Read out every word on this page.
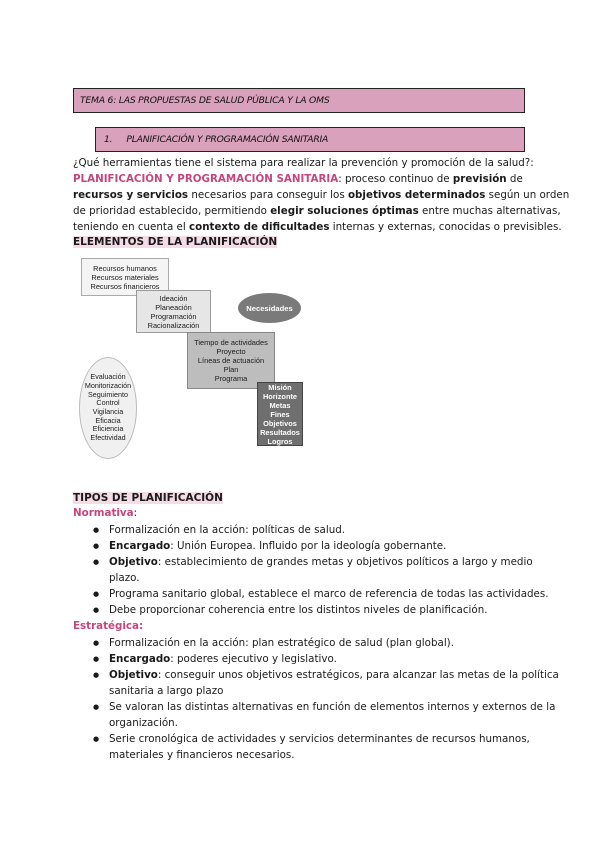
TEMA 6: LAS PROPUESTAS DE SALUD PÚBLICA Y LA OMS
1. PLANIFICACIÓN Y PROGRAMACIÓN SANITARIA
¿Qué herramientas tiene el sistema para realizar la prevención y promoción de la salud?:
PLANIFICACIÓN Y PROGRAMACIÓN SANITARIA: proceso continuo de previsión de
recursos y servicios necesarios para conseguir los objetivos determinados según un orden
de prioridad establecido, permitiendo elegir soluciones óptimas entre muchas alternativas,
teniendo en cuenta el contexto de dificultades internas y externas, conocidas o previsibles.
ELEMENTOS DE LA PLANIFICACIÓN
Recursos humanos
Recursos materiales
Recursos financieros
Ideación
Planeación
Programación
Racionalización
Necesidades
Tiempo de actividades
Proyecto
Líneas de actuación
Plan
Programa
Evaluación
Monitorización
Seguimiento
Control
Vigilancia
Eficacia
Eficiencia
Efectividad
Misión
Horizonte
Metas
Fines
Objetivos
Resultados
Logros
TIPOS DE PLANIFICACIÓN
Normativa:
● Formalización en la acción: políticas de salud.
● Encargado: Unión Europea. Influido por la ideología gobernante.
● Objetivo: establecimiento de grandes metas y objetivos políticos a largo y medio
plazo.
● Programa sanitario global, establece el marco de referencia de todas las actividades.
● Debe proporcionar coherencia entre los distintos niveles de planificación.
Estratégica:
● Formalización en la acción: plan estratégico de salud (plan global).
● Encargado: poderes ejecutivo y legislativo.
● Objetivo: conseguir unos objetivos estratégicos, para alcanzar las metas de la política
sanitaria a largo plazo
● Se valoran las distintas alternativas en función de elementos internos y externos de la
organización.
● Serie cronológica de actividades y servicios determinantes de recursos humanos,
materiales y financieros necesarios.
